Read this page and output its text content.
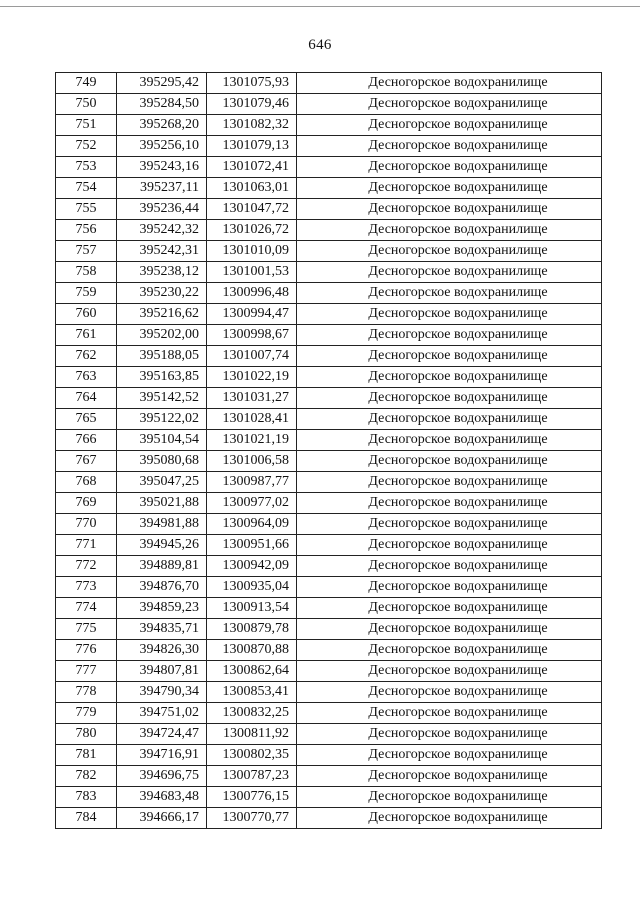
646
749	395295,42	1301075,93	Десногорское водохранилище
750	395284,50	1301079,46	Десногорское водохранилище
751	395268,20	1301082,32	Десногорское водохранилище
752	395256,10	1301079,13	Десногорское водохранилище
753	395243,16	1301072,41	Десногорское водохранилище
754	395237,11	1301063,01	Десногорское водохранилище
755	395236,44	1301047,72	Десногорское водохранилище
756	395242,32	1301026,72	Десногорское водохранилище
757	395242,31	1301010,09	Десногорское водохранилище
758	395238,12	1301001,53	Десногорское водохранилище
759	395230,22	1300996,48	Десногорское водохранилище
760	395216,62	1300994,47	Десногорское водохранилище
761	395202,00	1300998,67	Десногорское водохранилище
762	395188,05	1301007,74	Десногорское водохранилище
763	395163,85	1301022,19	Десногорское водохранилище
764	395142,52	1301031,27	Десногорское водохранилище
765	395122,02	1301028,41	Десногорское водохранилище
766	395104,54	1301021,19	Десногорское водохранилище
767	395080,68	1301006,58	Десногорское водохранилище
768	395047,25	1300987,77	Десногорское водохранилище
769	395021,88	1300977,02	Десногорское водохранилище
770	394981,88	1300964,09	Десногорское водохранилище
771	394945,26	1300951,66	Десногорское водохранилище
772	394889,81	1300942,09	Десногорское водохранилище
773	394876,70	1300935,04	Десногорское водохранилище
774	394859,23	1300913,54	Десногорское водохранилище
775	394835,71	1300879,78	Десногорское водохранилище
776	394826,30	1300870,88	Десногорское водохранилище
777	394807,81	1300862,64	Десногорское водохранилище
778	394790,34	1300853,41	Десногорское водохранилище
779	394751,02	1300832,25	Десногорское водохранилище
780	394724,47	1300811,92	Десногорское водохранилище
781	394716,91	1300802,35	Десногорское водохранилище
782	394696,75	1300787,23	Десногорское водохранилище
783	394683,48	1300776,15	Десногорское водохранилище
784	394666,17	1300770,77	Десногорское водохранилище
